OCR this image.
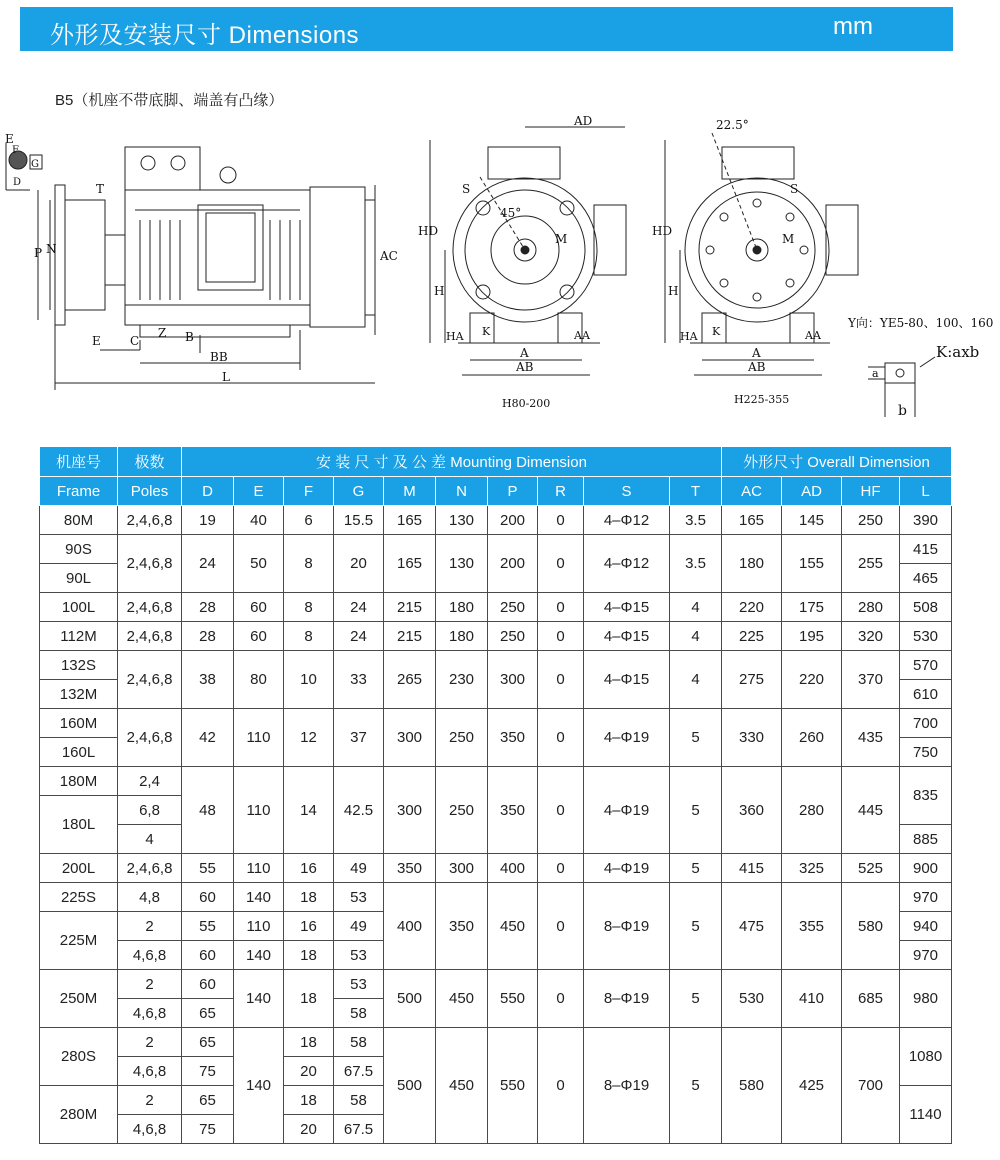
外形及安装尺寸 Dimensions	mm
B5（机座不带底脚、端盖有凸缘）
E
G
D
F
T
P N
E C
Z B
BB
L
AC
AD
HD
H
HA K
A
AB
AA
S
M
45°
H80-200
22.5°
HD
H
HA K
A
AB
AA
S
M
H225-355
Y向：YE5-80、100、160
K:axb
a
b
机座号	极数	安 装 尺 寸 及 公 差 Mounting Dimension										外形尺寸 Overall Dimension			
Frame	Poles	D	E	F	G	M	N	P	R	S	T	AC	AD	HF	L
80M	2,4,6,8	19	40	6	15.5	165	130	200	0	4–Φ12	3.5	165	145	250	390
90S	2,4,6,8	24	50	8	20	165	130	200	0	4–Φ12	3.5	180	155	255	415
90L															465
100L	2,4,6,8	28	60	8	24	215	180	250	0	4–Φ15	4	220	175	280	508
112M	2,4,6,8	28	60	8	24	215	180	250	0	4–Φ15	4	225	195	320	530
132S	2,4,6,8	38	80	10	33	265	230	300	0	4–Φ15	4	275	220	370	570
132M															610
160M	2,4,6,8	42	110	12	37	300	250	350	0	4–Φ19	5	330	260	435	700
160L															750
180M	2,4	48	110	14	42.5	300	250	350	0	4–Φ19	5	360	280	445	835
180L	6,8														
	4														885
200L	2,4,6,8	55	110	16	49	350	300	400	0	4–Φ19	5	415	325	525	900
225S	4,8	60	140	18	53	400	350	450	0	8–Φ19	5	475	355	580	970
225M	2	55	110	16	49										940
	4,6,8	60	140	18	53										970
250M	2	60	140	18	53	500	450	550	0	8–Φ19	5	530	410	685	980
	4,6,8	65			58										
280S	2	65	140	18	58	500	450	550	0	8–Φ19	5	580	425	700	1080
	4,6,8	75		20	67.5										
280M	2	65		18	58										1140
	4,6,8	75		20	67.5										
